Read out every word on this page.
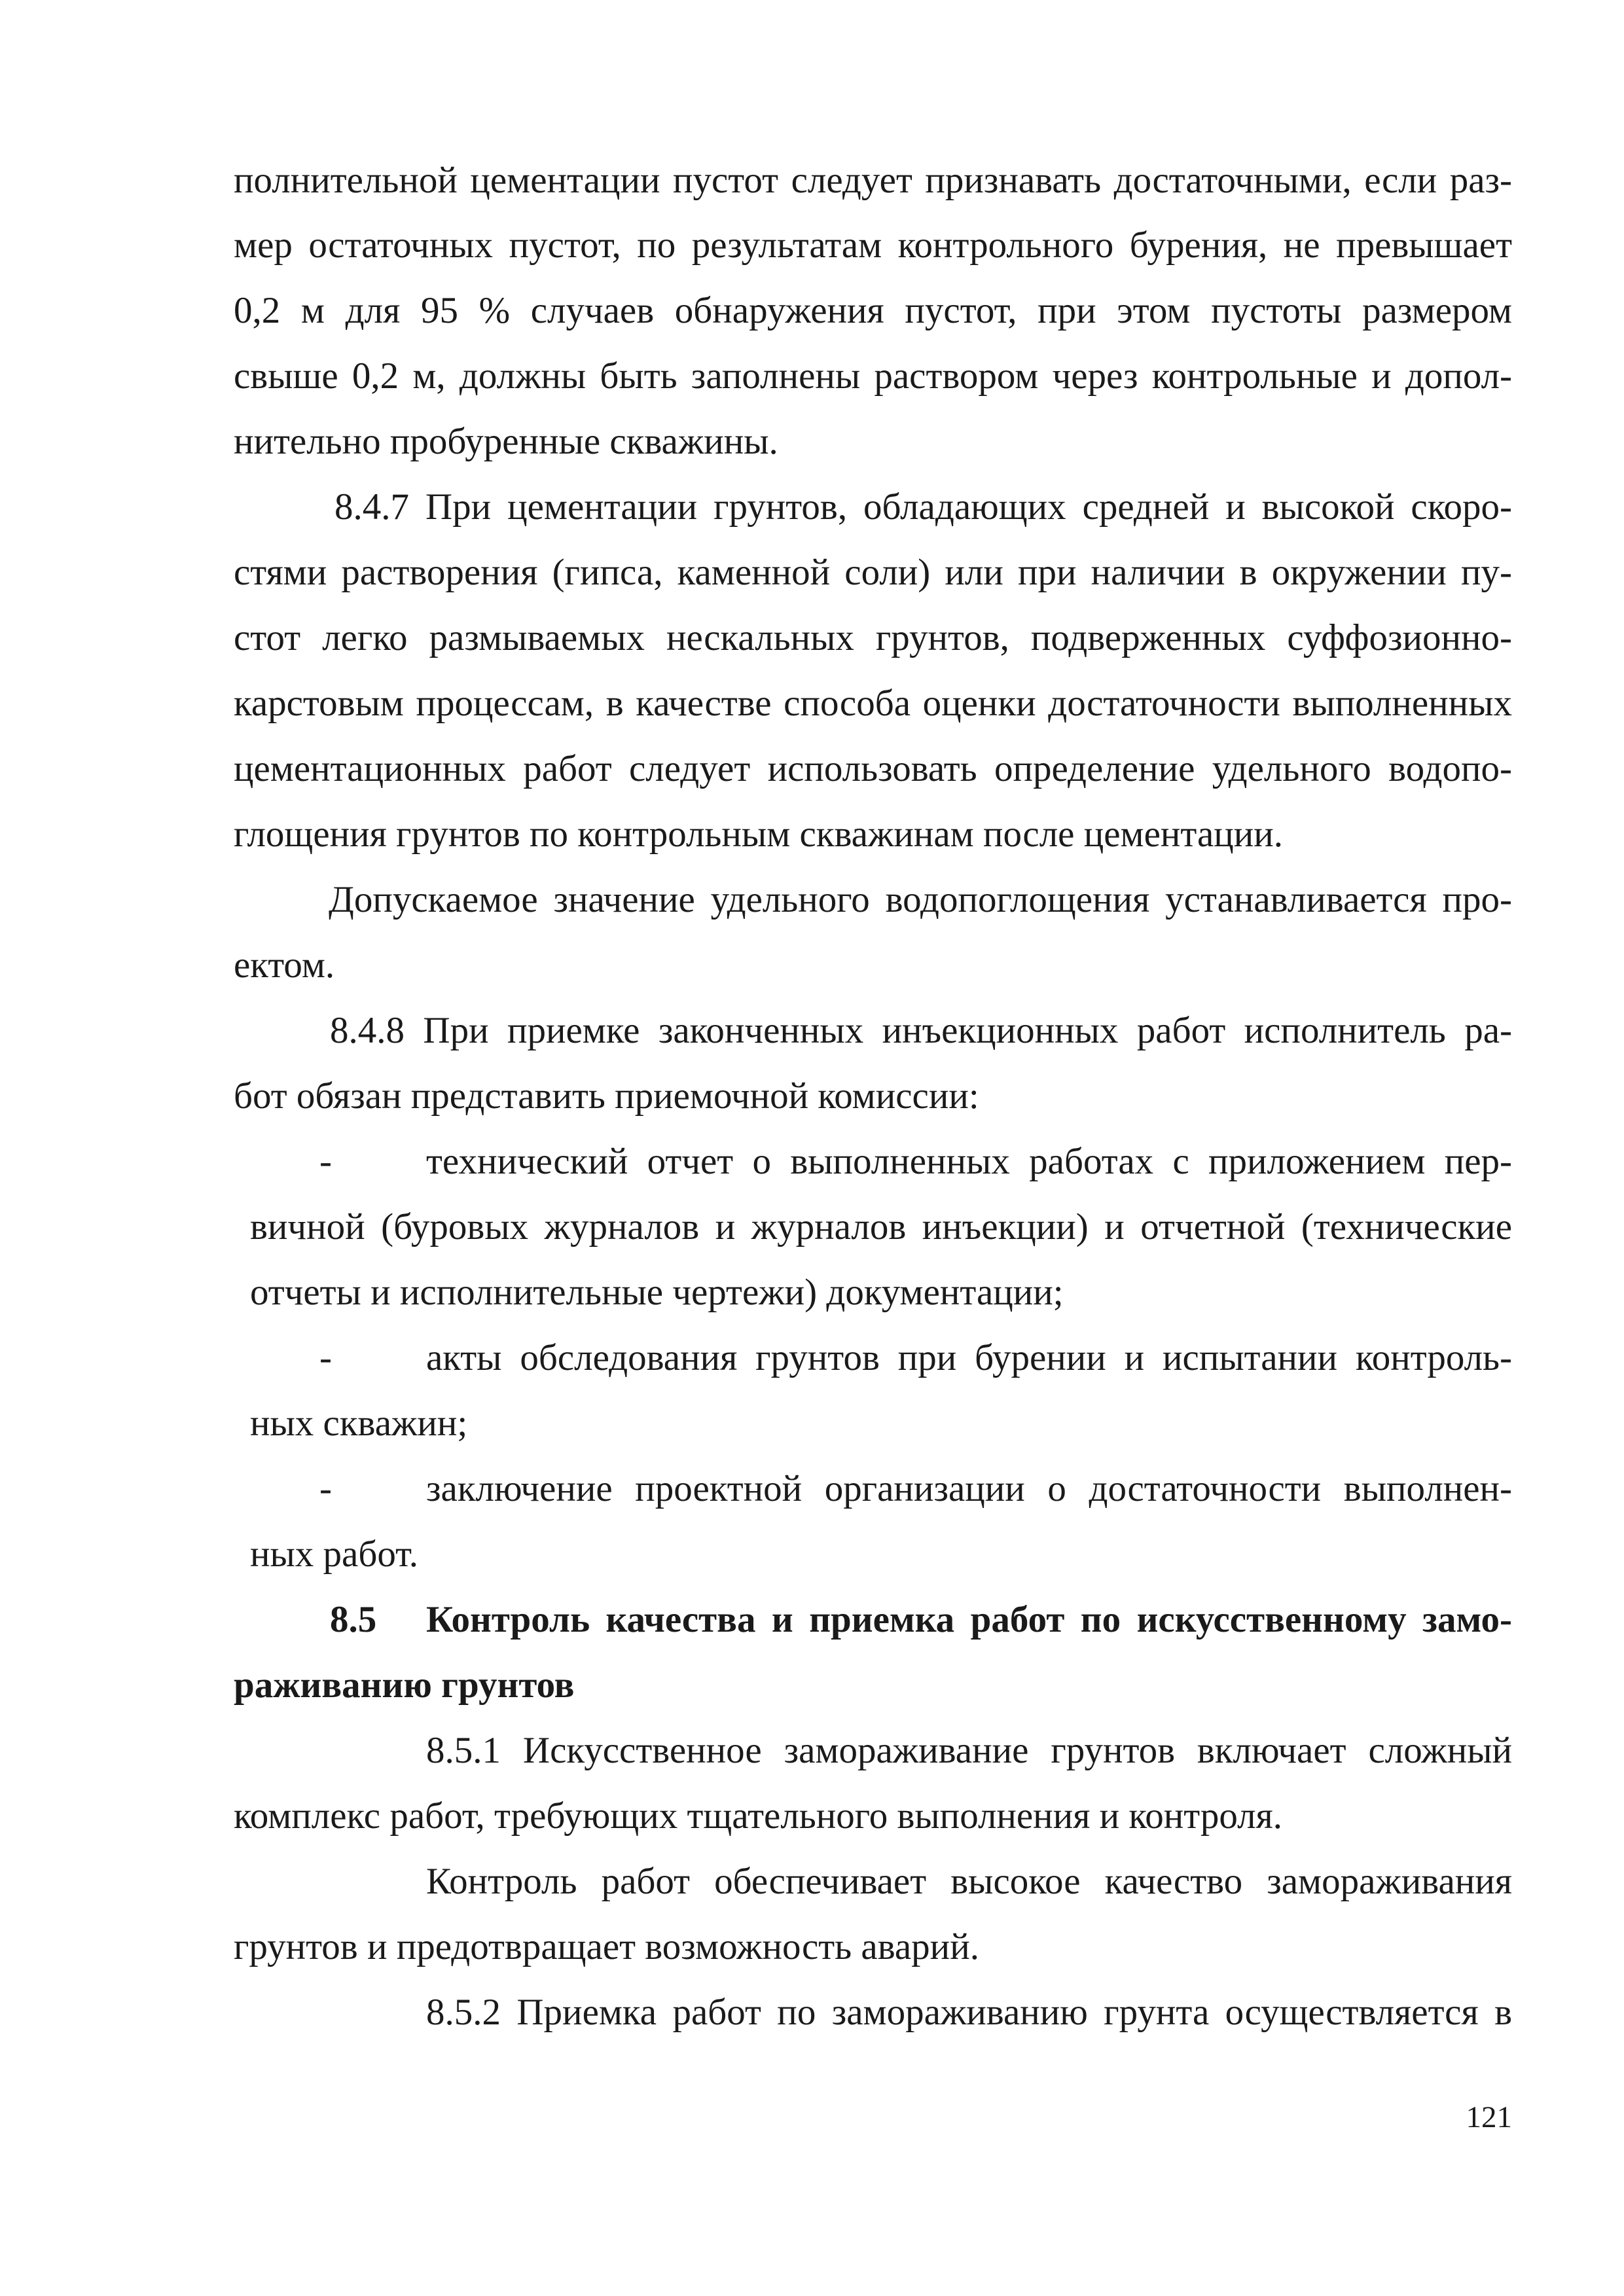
полнительной цементации пустот следует признавать достаточными, если раз-
мер остаточных пустот, по результатам контрольного бурения, не превышает
0,2 м для 95 % случаев обнаружения пустот, при этом пустоты размером
свыше 0,2 м, должны быть заполнены раствором через контрольные и допол-
нительно пробуренные скважины.
8.4.7 При цементации грунтов, обладающих средней и высокой скоро-
стями растворения (гипса, каменной соли) или при наличии в окружении пу-
стот легко размываемых нескальных грунтов, подверженных суффозионно-
карстовым процессам, в качестве способа оценки достаточности выполненных
цементационных работ следует использовать определение удельного водопо-
глощения грунтов по контрольным скважинам после цементации.
Допускаемое значение удельного водопоглощения устанавливается про-
ектом.
8.4.8 При приемке законченных инъекционных работ исполнитель ра-
бот обязан представить приемочной комиссии:
-	технический отчет о выполненных работах с приложением пер-
вичной (буровых журналов и журналов инъекции) и отчетной (технические
отчеты и исполнительные чертежи) документации;
-	акты обследования грунтов при бурении и испытании контроль-
ных скважин;
-	заключение проектной организации о достаточности выполнен-
ных работ.
8.5 Контроль качества и приемка работ по искусственному замо-
раживанию грунтов
8.5.1 Искусственное замораживание грунтов включает сложный
комплекс работ, требующих тщательного выполнения и контроля.
Контроль работ обеспечивает высокое качество замораживания
грунтов и предотвращает возможность аварий.
8.5.2 Приемка работ по замораживанию грунта осуществляется в
121
